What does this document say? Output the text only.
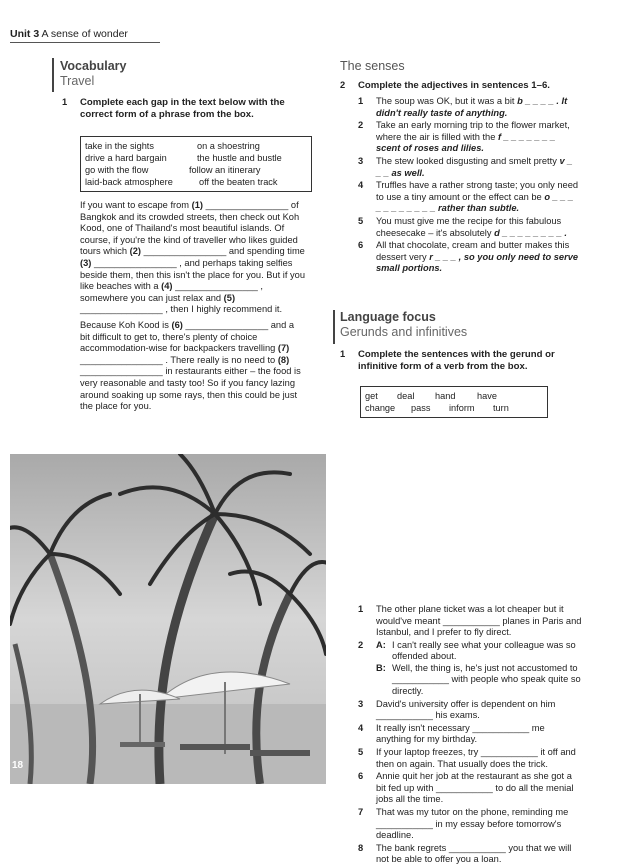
Unit 3 A sense of wonder
Vocabulary
Travel
1	Complete each gap in the text below with the correct form of a phrase from the box.
take in the sights	on a shoestring
drive a hard bargain	the hustle and bustle
go with the flow	follow an itinerary
laid-back atmosphere	off the beaten track

If you want to escape from (1) ________________ of Bangkok and its crowded streets, then check out Koh Kood, one of Thailand's most beautiful islands. Of course, if you're the kind of traveller who likes guided tours which (2) ________________ and spending time (3) ________________ , and perhaps taking selfies beside them, then this isn't the place for you. But if you like beaches with a (4) ________________ , somewhere you can just relax and (5) ________________ , then I highly recommend it.

Because Koh Kood is (6) ________________ and a bit difficult to get to, there's plenty of choice accommodation-wise for backpackers travelling (7) ________________ . There really is no need to (8) ________________ in restaurants either – the food is very reasonable and tasty too! So if you fancy lazing around soaking up some rays, then this could be just the place for you.

18
The senses
2	Complete the adjectives in sentences 1–6.
1 The soup was OK, but it was a bit b _ _ _ _ . It didn't really taste of anything.
2 Take an early morning trip to the flower market, where the air is filled with the f _ _ _ _ _ _ _ scent of roses and lilies.
3 The stew looked disgusting and smelt pretty v _ _ _ as well.
4 Truffles have a rather strong taste; you only need to use a tiny amount or the effect can be o _ _ _ _ _ _ _ _ _ _ _ rather than subtle.
5 You must give me the recipe for this fabulous cheesecake – it's absolutely d _ _ _ _ _ _ _ _ .
6 All that chocolate, cream and butter makes this dessert very r _ _ _ , so you only need to serve small portions.
Language focus
Gerunds and infinitives
1	Complete the sentences with the gerund or infinitive form of a verb from the box.
get deal hand have
change pass inform turn
1 The other plane ticket was a lot cheaper but it would've meant ___________ planes in Paris and Istanbul, and I prefer to fly direct.
2 A: I can't really see what your colleague was so offended about.
B: Well, the thing is, he's just not accustomed to ___________ with people who speak quite so directly.
3 David's university offer is dependent on him ___________ his exams.
4 It really isn't necessary ___________ me anything for my birthday.
5 If your laptop freezes, try ___________ it off and then on again. That usually does the trick.
6 Annie quit her job at the restaurant as she got a bit fed up with ___________ to do all the menial jobs all the time.
7 That was my tutor on the phone, reminding me ___________ in my essay before tomorrow's deadline.
8 The bank regrets ___________ you that we will not be able to offer you a loan.
